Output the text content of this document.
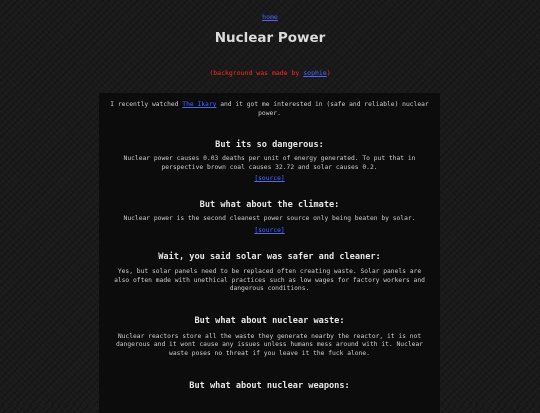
home
Nuclear Power
(background was made by sophie)

I recently watched The Ikary and it got me interested in (safe and reliable) nuclear power.

But its so dangerous:

Nuclear power causes 0.03 deaths per unit of energy generated. To put that in perspective brown coal causes 32.72 and solar causes 0.2.

[source]
But what about the climate:

Nuclear power is the second cleanest power source only being beaten by solar.

[source]
Wait, you said solar was safer and cleaner:

Yes, but solar panels need to be replaced often creating waste. Solar panels are also often made with unethical practices such as low wages for factory workers and dangerous conditions.

But what about nuclear waste:

Nuclear reactors store all the waste they generate nearby the reactor, it is not dangerous and it wont cause any issues unless humans mess around with it. Nuclear waste poses no threat if you leave it the fuck alone.

But what about nuclear weapons:
